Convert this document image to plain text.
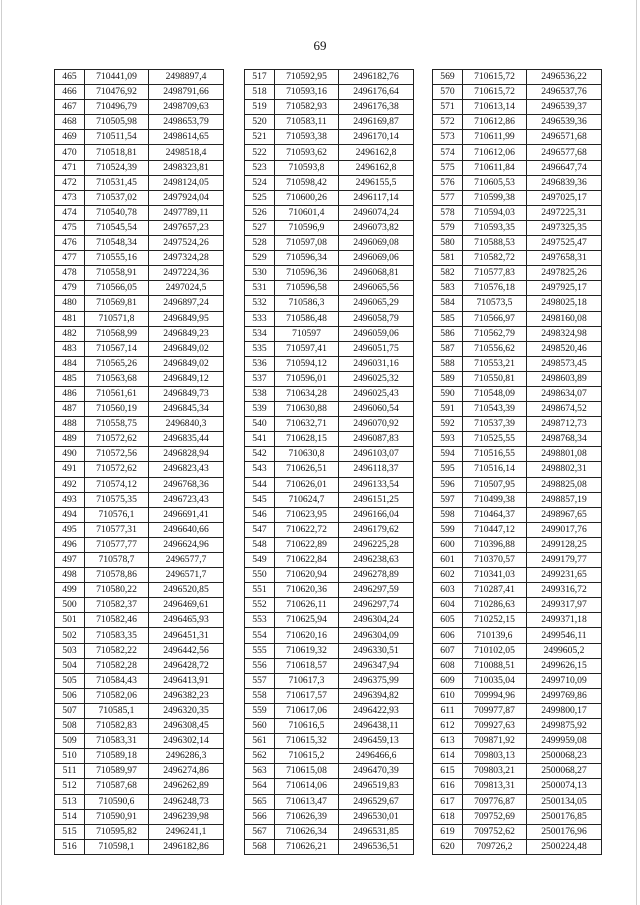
69
465	710441,09	2498897,4
466	710476,92	2498791,66
467	710496,79	2498709,63
468	710505,98	2498653,79
469	710511,54	2498614,65
470	710518,81	2498518,4
471	710524,39	2498323,81
472	710531,45	2498124,05
473	710537,02	2497924,04
474	710540,78	2497789,11
475	710545,54	2497657,23
476	710548,34	2497524,26
477	710555,16	2497324,28
478	710558,91	2497224,36
479	710566,05	2497024,5
480	710569,81	2496897,24
481	710571,8	2496849,95
482	710568,99	2496849,23
483	710567,14	2496849,02
484	710565,26	2496849,02
485	710563,68	2496849,12
486	710561,61	2496849,73
487	710560,19	2496845,34
488	710558,75	2496840,3
489	710572,62	2496835,44
490	710572,56	2496828,94
491	710572,62	2496823,43
492	710574,12	2496768,36
493	710575,35	2496723,43
494	710576,1	2496691,41
495	710577,31	2496640,66
496	710577,77	2496624,96
497	710578,7	2496577,7
498	710578,86	2496571,7
499	710580,22	2496520,85
500	710582,37	2496469,61
501	710582,46	2496465,93
502	710583,35	2496451,31
503	710582,22	2496442,56
504	710582,28	2496428,72
505	710584,43	2496413,91
506	710582,06	2496382,23
507	710585,1	2496320,35
508	710582,83	2496308,45
509	710583,31	2496302,14
510	710589,18	2496286,3
511	710589,97	2496274,86
512	710587,68	2496262,89
513	710590,6	2496248,73
514	710590,91	2496239,98
515	710595,82	2496241,1
516	710598,1	2496182,86
517	710592,95	2496182,76
518	710593,16	2496176,64
519	710582,93	2496176,38
520	710583,11	2496169,87
521	710593,38	2496170,14
522	710593,62	2496162,8
523	710593,8	2496162,8
524	710598,42	2496155,5
525	710600,26	2496117,14
526	710601,4	2496074,24
527	710596,9	2496073,82
528	710597,08	2496069,08
529	710596,34	2496069,06
530	710596,36	2496068,81
531	710596,58	2496065,56
532	710586,3	2496065,29
533	710586,48	2496058,79
534	710597	2496059,06
535	710597,41	2496051,75
536	710594,12	2496031,16
537	710596,01	2496025,32
538	710634,28	2496025,43
539	710630,88	2496060,54
540	710632,71	2496070,92
541	710628,15	2496087,83
542	710630,8	2496103,07
543	710626,51	2496118,37
544	710626,01	2496133,54
545	710624,7	2496151,25
546	710623,95	2496166,04
547	710622,72	2496179,62
548	710622,89	2496225,28
549	710622,84	2496238,63
550	710620,94	2496278,89
551	710620,36	2496297,59
552	710626,11	2496297,74
553	710625,94	2496304,24
554	710620,16	2496304,09
555	710619,32	2496330,51
556	710618,57	2496347,94
557	710617,3	2496375,99
558	710617,57	2496394,82
559	710617,06	2496422,93
560	710616,5	2496438,11
561	710615,32	2496459,13
562	710615,2	2496466,6
563	710615,08	2496470,39
564	710614,06	2496519,83
565	710613,47	2496529,67
566	710626,39	2496530,01
567	710626,34	2496531,85
568	710626,21	2496536,51
569	710615,72	2496536,22
570	710615,72	2496537,76
571	710613,14	2496539,37
572	710612,86	2496539,36
573	710611,99	2496571,68
574	710612,06	2496577,68
575	710611,84	2496647,74
576	710605,53	2496839,36
577	710599,38	2497025,17
578	710594,03	2497225,31
579	710593,35	2497325,35
580	710588,53	2497525,47
581	710582,72	2497658,31
582	710577,83	2497825,26
583	710576,18	2497925,17
584	710573,5	2498025,18
585	710566,97	2498160,08
586	710562,79	2498324,98
587	710556,62	2498520,46
588	710553,21	2498573,45
589	710550,81	2498603,89
590	710548,09	2498634,07
591	710543,39	2498674,52
592	710537,39	2498712,73
593	710525,55	2498768,34
594	710516,55	2498801,08
595	710516,14	2498802,31
596	710507,95	2498825,08
597	710499,38	2498857,19
598	710464,37	2498967,65
599	710447,12	2499017,76
600	710396,88	2499128,25
601	710370,57	2499179,77
602	710341,03	2499231,65
603	710287,41	2499316,72
604	710286,63	2499317,97
605	710252,15	2499371,18
606	710139,6	2499546,11
607	710102,05	2499605,2
608	710088,51	2499626,15
609	710035,04	2499710,09
610	709994,96	2499769,86
611	709977,87	2499800,17
612	709927,63	2499875,92
613	709871,92	2499959,08
614	709803,13	2500068,23
615	709803,21	2500068,27
616	709813,31	2500074,13
617	709776,87	2500134,05
618	709752,69	2500176,85
619	709752,62	2500176,96
620	709726,2	2500224,48
